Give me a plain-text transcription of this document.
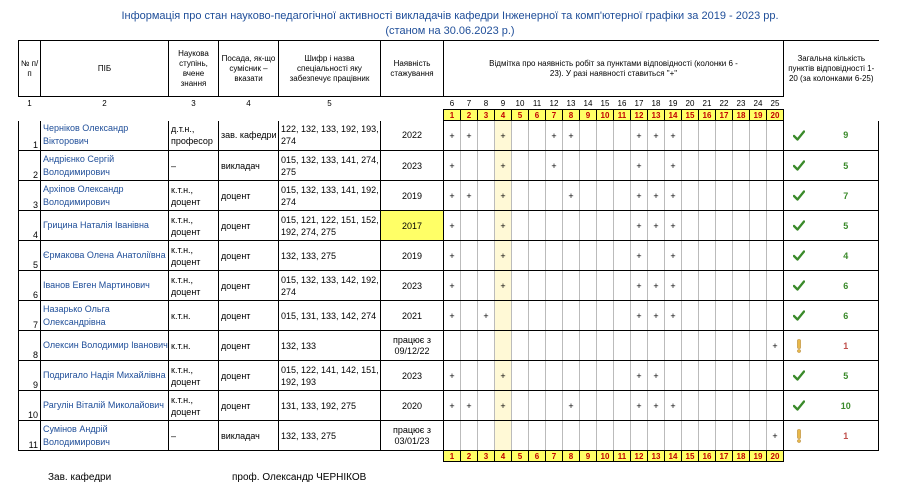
Інформація про стан науково-педагогічної активності викладачів кафедри Інженерної та комп'ютерної графіки за 2019 - 2023 рр.
(станом на 30.06.2023 р.)
№ п/п	ПІБ	Наукова ступінь, вчене знання	Посада, як-що сумісник – вказати	Шифр і назва спеціальності яку забезпечує працівник	Наявність стажування	Відмітка про наявність робіт за пунктами відповідності (колонки 6 - 23). У разі наявності ставиться "+"																				Загальна кількість пунктів відповідності 1-20 (за колонками 6-25)	
1	2	3	4	5		6	7	8	9	10	11	12	13	14	15	16	17	18	19	20	21	22	23	24	25		
						1	2	3	4	5	6	7	8	9	10	11	12	13	14	15	16	17	18	19	20		
1	Черніков Олександр Вікторович	д.т.н., професор	зав. кафедри	122, 132, 133, 192, 193, 274	2022	+	+		+			+	+				+	+	+								9
2	Андрієнко Сергій Володимирович	–	викладач	015, 132, 133, 141, 274, 275	2023	+			+			+					+		+								5
3	Архіпов Олександр Володимирович	к.т.н., доцент	доцент	015, 132, 133, 141, 192, 274	2019	+	+		+				+				+	+	+								7
4	Грицина Наталія Іванівна	к.т.н., доцент	доцент	015, 121, 122, 151, 152, 192, 274, 275	2017	+			+								+	+	+								5
5	Єрмакова Олена Анатоліївна	к.т.н., доцент	доцент	132, 133, 275	2019	+			+								+		+								4
6	Іванов Евген Мартинович	к.т.н., доцент	доцент	015, 132, 133, 142, 192, 274	2023	+			+								+	+	+								6
7	Назарько Ольга Олександрівна	к.т.н.	доцент	015, 131, 133, 142, 274	2021	+		+									+	+	+								6
8	Олексин Володимир Іванович	к.т.н.	доцент	132, 133	працює з 09/12/22																				+		1
9	Подригало Надія Михайлівна	к.т.н., доцент	доцент	015, 122, 141, 142, 151, 192, 193	2023	+			+								+	+									5
10	Рагулін Віталій Миколайович	к.т.н., доцент	доцент	131, 133, 192, 275	2020	+	+		+				+				+	+	+								10
11	Сумінов Андрій Володимирович	–	викладач	132, 133, 275	працює з 03/01/23																				+		1
						1	2	3	4	5	6	7	8	9	10	11	12	13	14	15	16	17	18	19	20		
Зав. кафедри	проф. Олександр ЧЕРНІКОВ
